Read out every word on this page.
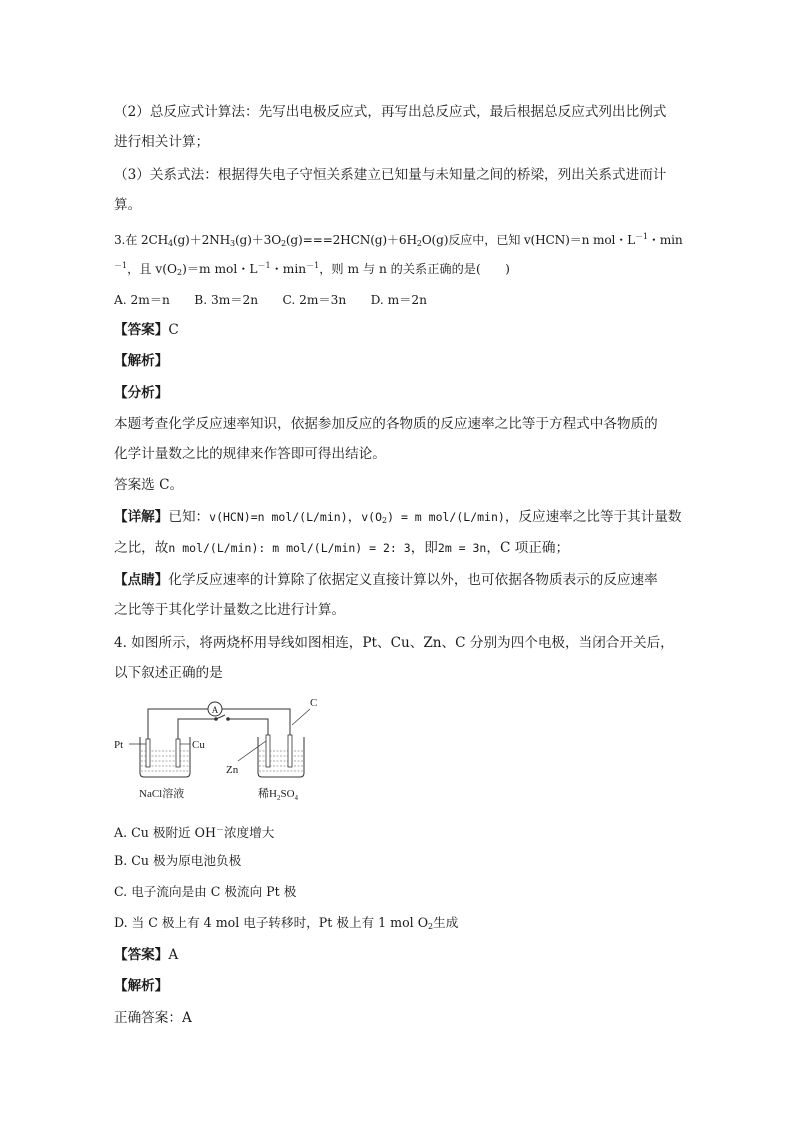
（2）总反应式计算法：先写出电极反应式，再写出总反应式，最后根据总反应式列出比例式
进行相关计算；
（3）关系式法：根据得失电子守恒关系建立已知量与未知量之间的桥梁，列出关系式进而计
算。
3.在 $2CH_4(g)+2NH_3(g)+3O_2(g)===2HCN(g)+6H_2O(g)$反应中，已知 v(HCN)＝n mol・$L^{-1}$・min
$^{-1}$，且 $v(O_2)=m$ mol・$L^{-1}$・$\min^{-1}$，则 m 与 n 的关系正确的是(　　)
A. 2m＝n　　B. 3m＝2n　　C. 2m＝3n　　D. m＝2n
【答案】C
【解析】
【分析】
本题考查化学反应速率知识，依据参加反应的各物质的反应速率之比等于方程式中各物质的
化学计量数之比的规律来作答即可得出结论。
答案选 C。
【详解】已知：v(HCN)=n mol/(L/min)，$v(O_2) = m$ mol/(L/min)，反应速率之比等于其计量数
之比，故n mol/(L/min): m mol/(L/min) = 2: 3，即2m = 3n，C 项正确；
【点睛】化学反应速率的计算除了依据定义直接计算以外，也可依据各物质表示的反应速率
之比等于其化学计量数之比进行计算。
4. 如图所示，将两烧杯用导线如图相连，Pt、Cu、Zn、C 分别为四个电极，当闭合开关后，
以下叙述正确的是
A
Pt	Cu
Zn
C
NaCl溶液	稀$H_2SO_4$
A. Cu 极附近 OH－浓度增大
B. Cu 极为原电池负极
C. 电子流向是由 C 极流向 Pt 极
D. 当 C 极上有 4 mol 电子转移时，Pt 极上有 1 mol $O_2$生成
【答案】A
【解析】
正确答案：A
